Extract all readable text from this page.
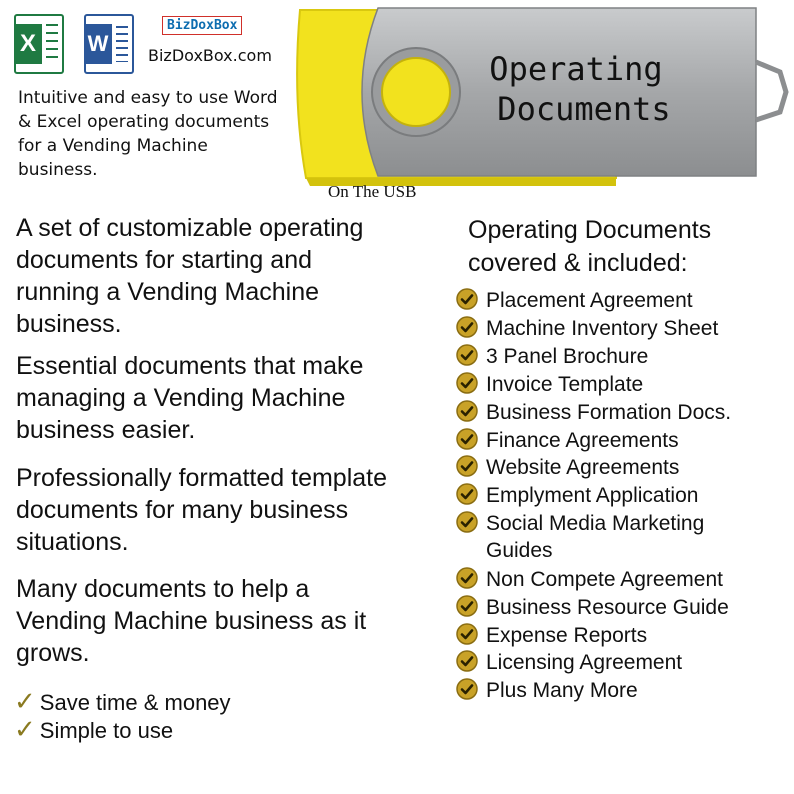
X W
BizDoxBox
BizDoxBox.com
Intuitive and easy to use Word & Excel operating documents for a Vending Machine business.
Operating
Documents
On The USB
A set of customizable operating documents for starting and running a Vending Machine business.
Essential documents that make managing a Vending Machine business easier.
Professionally formatted template documents for many business situations.
Many documents to help a Vending Machine business as it grows.
✓ Save time & money
✓ Simple to use
Operating Documents covered & included:
Placement Agreement
Machine Inventory Sheet
3 Panel Brochure
Invoice Template
Business Formation Docs.
Finance Agreements
Website Agreements
Emplyment Application
Social Media Marketing
Guides
Non Compete Agreement
Business Resource Guide
Expense Reports
Licensing Agreement
Plus Many More
